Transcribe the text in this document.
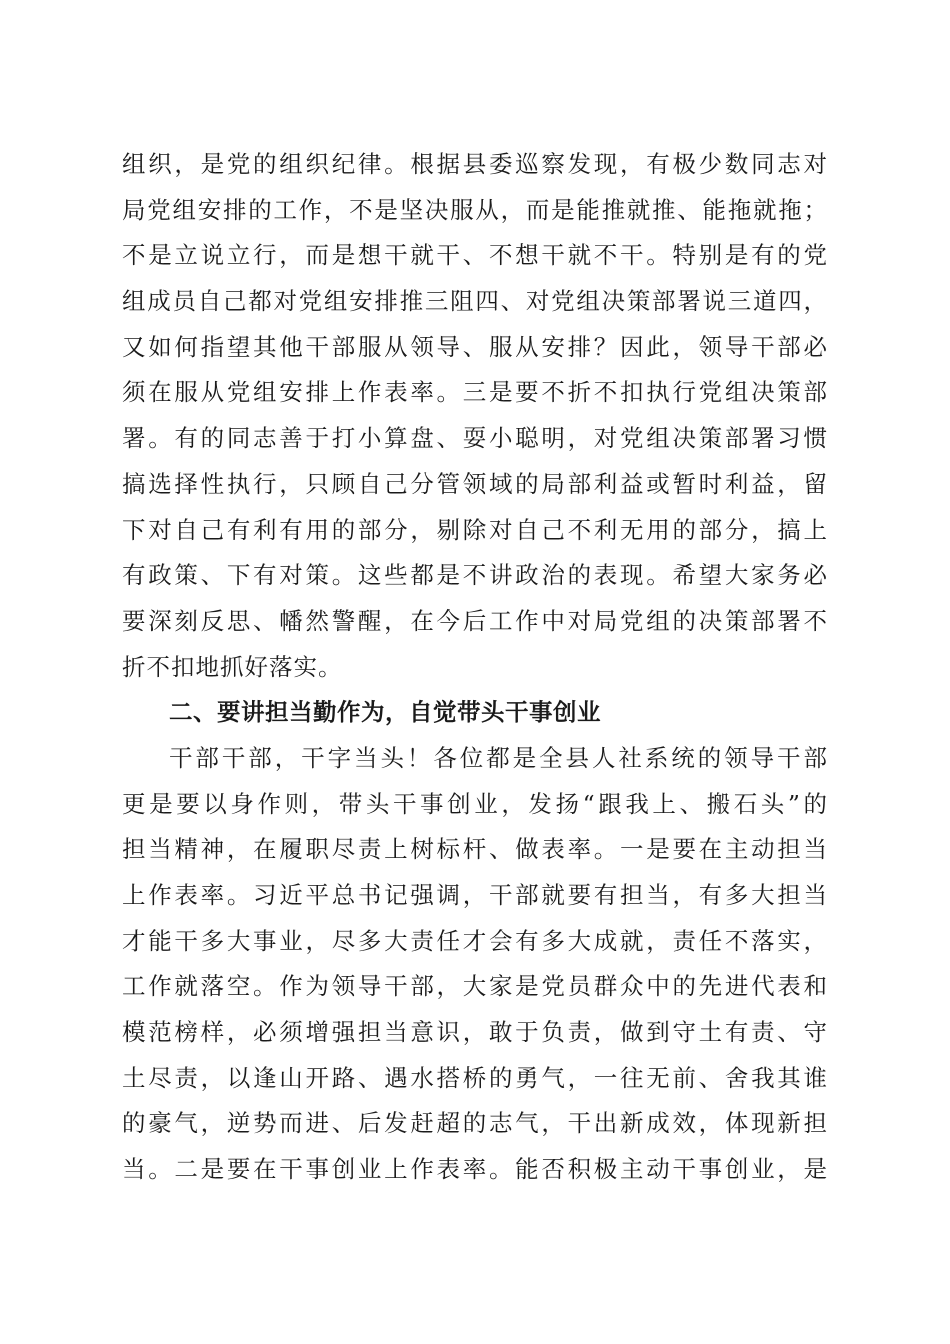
组织，是党的组织纪律。根据县委巡察发现，有极少数同志对
局党组安排的工作，不是坚决服从，而是能推就推、能拖就拖；
不是立说立行，而是想干就干、不想干就不干。特别是有的党
组成员自己都对党组安排推三阻四、对党组决策部署说三道四，
又如何指望其他干部服从领导、服从安排？因此，领导干部必
须在服从党组安排上作表率。三是要不折不扣执行党组决策部
署。有的同志善于打小算盘、耍小聪明，对党组决策部署习惯
搞选择性执行，只顾自己分管领域的局部利益或暂时利益，留
下对自己有利有用的部分，剔除对自己不利无用的部分，搞上
有政策、下有对策。这些都是不讲政治的表现。希望大家务必
要深刻反思、幡然警醒，在今后工作中对局党组的决策部署不
折不扣地抓好落实。
二、要讲担当勤作为，自觉带头干事创业
干部干部，干字当头！各位都是全县人社系统的领导干部
更是要以身作则，带头干事创业，发扬“跟我上、搬石头”的
担当精神，在履职尽责上树标杆、做表率。一是要在主动担当
上作表率。习近平总书记强调，干部就要有担当，有多大担当
才能干多大事业，尽多大责任才会有多大成就，责任不落实，
工作就落空。作为领导干部，大家是党员群众中的先进代表和
模范榜样，必须增强担当意识，敢于负责，做到守土有责、守
土尽责，以逢山开路、遇水搭桥的勇气，一往无前、舍我其谁
的豪气，逆势而进、后发赶超的志气，干出新成效，体现新担
当。二是要在干事创业上作表率。能否积极主动干事创业，是
